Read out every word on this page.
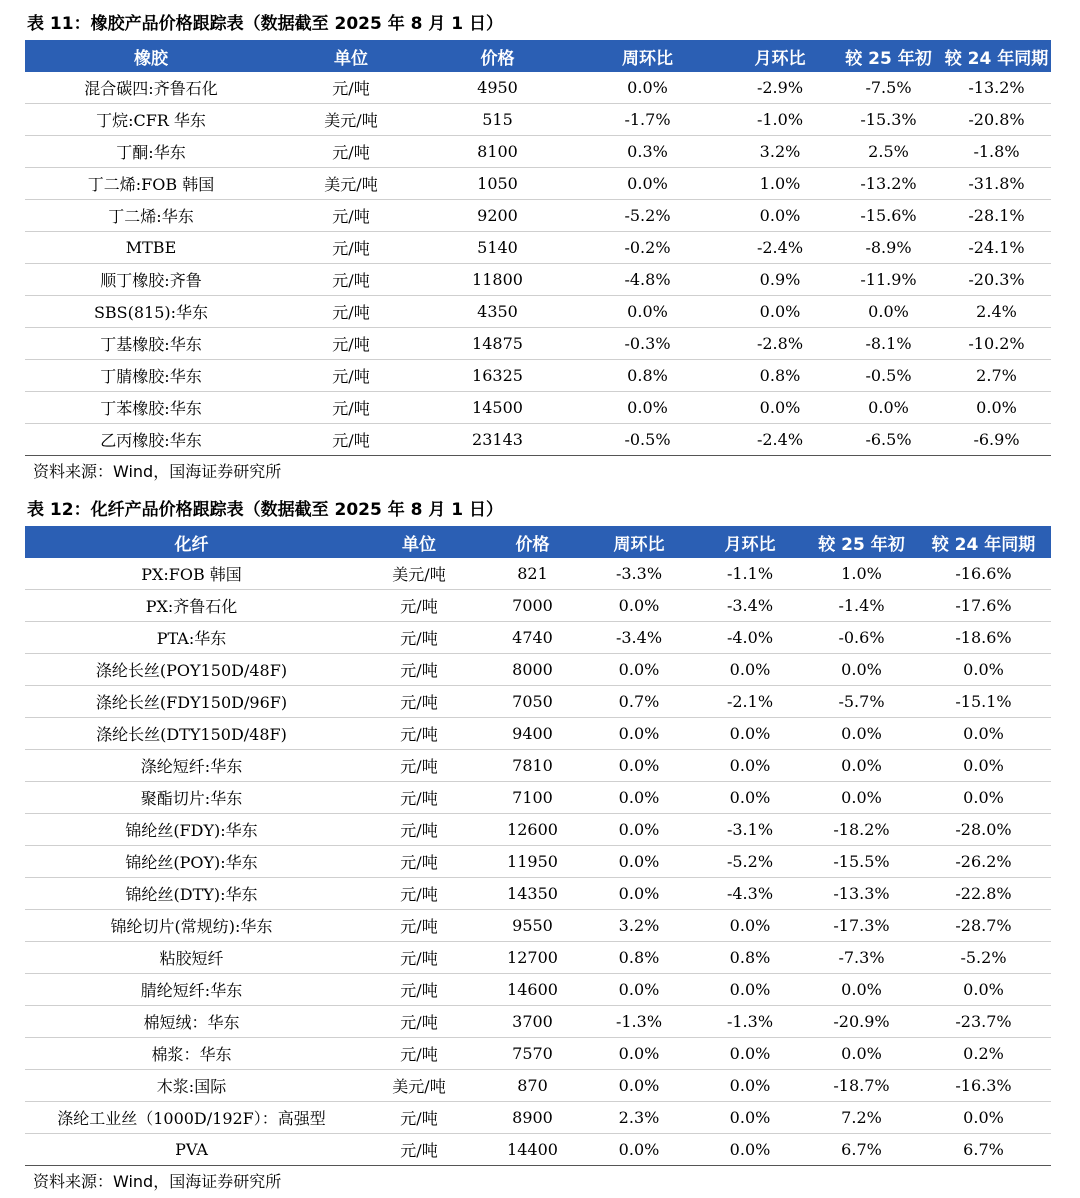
表 11：橡胶产品价格跟踪表（数据截至 2025 年 8 月 1 日）
橡胶	单位	价格	周环比	月环比	较 25 年初	较 24 年同期
混合碳四:齐鲁石化	元/吨	4950	0.0%	-2.9%	-7.5%	-13.2%
丁烷:CFR 华东	美元/吨	515	-1.7%	-1.0%	-15.3%	-20.8%
丁酮:华东	元/吨	8100	0.3%	3.2%	2.5%	-1.8%
丁二烯:FOB 韩国	美元/吨	1050	0.0%	1.0%	-13.2%	-31.8%
丁二烯:华东	元/吨	9200	-5.2%	0.0%	-15.6%	-28.1%
MTBE	元/吨	5140	-0.2%	-2.4%	-8.9%	-24.1%
顺丁橡胶:齐鲁	元/吨	11800	-4.8%	0.9%	-11.9%	-20.3%
SBS(815):华东	元/吨	4350	0.0%	0.0%	0.0%	2.4%
丁基橡胶:华东	元/吨	14875	-0.3%	-2.8%	-8.1%	-10.2%
丁腈橡胶:华东	元/吨	16325	0.8%	0.8%	-0.5%	2.7%
丁苯橡胶:华东	元/吨	14500	0.0%	0.0%	0.0%	0.0%
乙丙橡胶:华东	元/吨	23143	-0.5%	-2.4%	-6.5%	-6.9%
资料来源：Wind，国海证券研究所
表 12：化纤产品价格跟踪表（数据截至 2025 年 8 月 1 日）
化纤	单位	价格	周环比	月环比	较 25 年初	较 24 年同期
PX:FOB 韩国	美元/吨	821	-3.3%	-1.1%	1.0%	-16.6%
PX:齐鲁石化	元/吨	7000	0.0%	-3.4%	-1.4%	-17.6%
PTA:华东	元/吨	4740	-3.4%	-4.0%	-0.6%	-18.6%
涤纶长丝(POY150D/48F)	元/吨	8000	0.0%	0.0%	0.0%	0.0%
涤纶长丝(FDY150D/96F)	元/吨	7050	0.7%	-2.1%	-5.7%	-15.1%
涤纶长丝(DTY150D/48F)	元/吨	9400	0.0%	0.0%	0.0%	0.0%
涤纶短纤:华东	元/吨	7810	0.0%	0.0%	0.0%	0.0%
聚酯切片:华东	元/吨	7100	0.0%	0.0%	0.0%	0.0%
锦纶丝(FDY):华东	元/吨	12600	0.0%	-3.1%	-18.2%	-28.0%
锦纶丝(POY):华东	元/吨	11950	0.0%	-5.2%	-15.5%	-26.2%
锦纶丝(DTY):华东	元/吨	14350	0.0%	-4.3%	-13.3%	-22.8%
锦纶切片(常规纺):华东	元/吨	9550	3.2%	0.0%	-17.3%	-28.7%
粘胶短纤	元/吨	12700	0.8%	0.8%	-7.3%	-5.2%
腈纶短纤:华东	元/吨	14600	0.0%	0.0%	0.0%	0.0%
棉短绒：华东	元/吨	3700	-1.3%	-1.3%	-20.9%	-23.7%
棉浆：华东	元/吨	7570	0.0%	0.0%	0.0%	0.2%
木浆:国际	美元/吨	870	0.0%	0.0%	-18.7%	-16.3%
涤纶工业丝（1000D/192F）：高强型	元/吨	8900	2.3%	0.0%	7.2%	0.0%
PVA	元/吨	14400	0.0%	0.0%	6.7%	6.7%
资料来源：Wind，国海证券研究所
